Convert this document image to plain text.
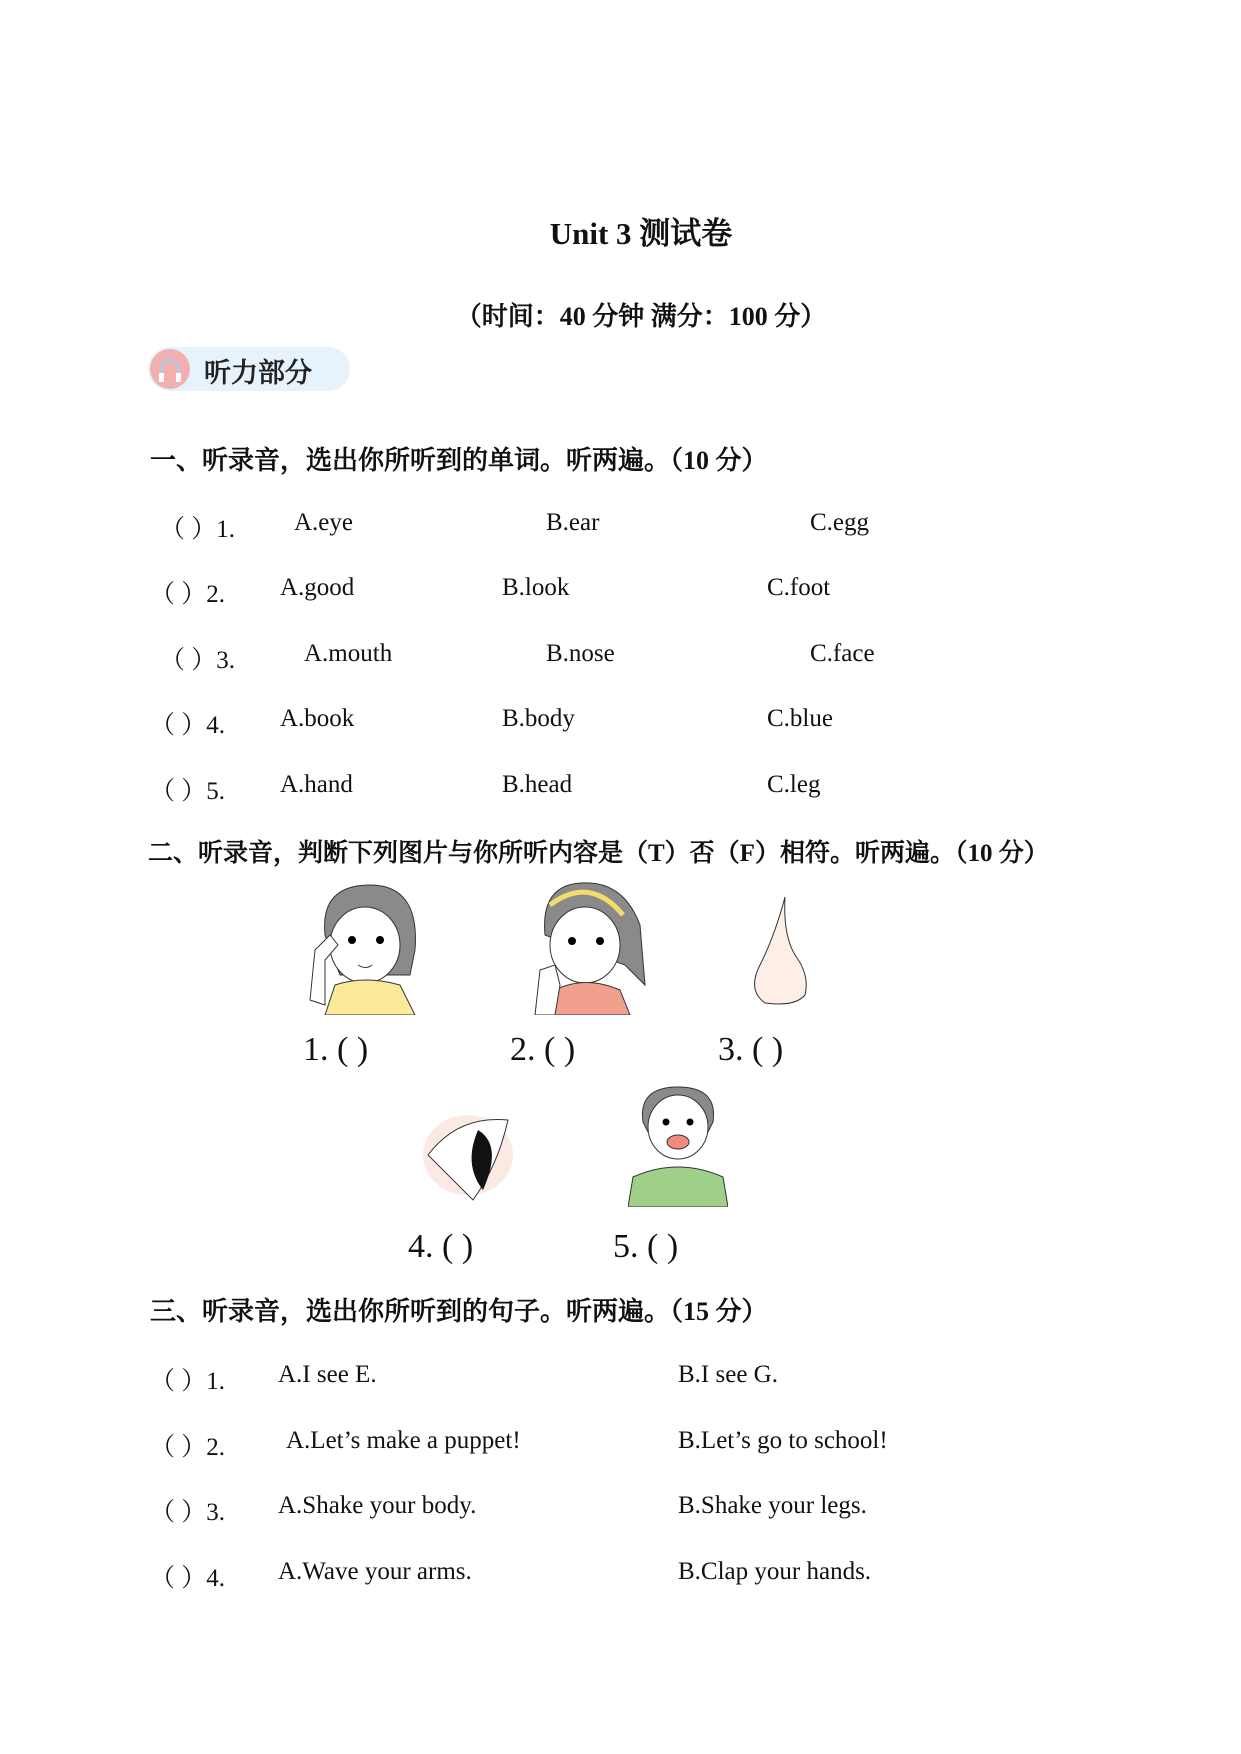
Unit 3 测试卷
（时间：40 分钟 满分：100 分）
听力部分
一、听录音，选出你所听到的单词。听两遍。（10 分）
（ ）1. A.eye	B.ear	C.egg
（ ）2. A.good	B.look	C.foot
（ ）3.	A.mouth	B.nose	C.face
（ ）4. A.book	B.body	C.blue
（ ）5. A.hand	B.head	C.leg
二、听录音，判断下列图片与你所听内容是（T）否（F）相符。听两遍。（10 分）
1. ( )	2. ( )	3. ( )
4. ( )	5. ( )
三、听录音，选出你所听到的句子。听两遍。（15 分）
（ ）1. A.I see E.	B.I see G.
（ ）2. A.Let’s make a puppet!	B.Let’s go to school!
（ ）3. A.Shake your body.	B.Shake your legs.
（ ）4. A.Wave your arms.	B.Clap your hands.
